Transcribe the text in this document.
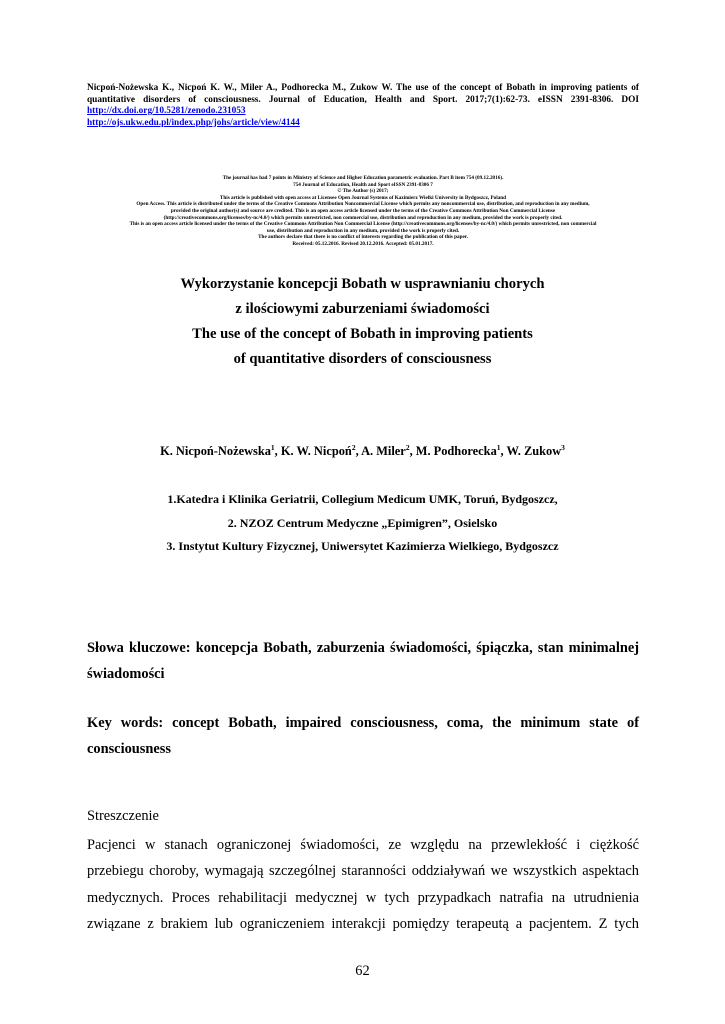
Nicpoń-Nożewska K., Nicpoń K. W., Miler A., Podhorecka M., Zukow W. The use of the concept of Bobath in improving patients of
quantitative disorders of consciousness. Journal of Education, Health and Sport. 2017;7(1):62-73. eISSN 2391-8306. DOI
http://dx.doi.org/10.5281/zenodo.231053
http://ojs.ukw.edu.pl/index.php/johs/article/view/4144
The journal has had 7 points in Ministry of Science and Higher Education parametric evaluation. Part B item 754 (09.12.2016).
754 Journal of Education, Health and Sport eISSN 2391-8306 7
© The Author (s) 2017;
This article is published with open access at Licensee Open Journal Systems of Kazimierz Wielki University in Bydgoszcz, Poland
Open Access. This article is distributed under the terms of the Creative Commons Attribution Noncommercial License which permits any noncommercial use, distribution, and reproduction in any medium,
provided the original author(s) and source are credited. This is an open access article licensed under the terms of the Creative Commons Attribution Non Commercial License
(http://creativecommons.org/licenses/by-nc/4.0/) which permits unrestricted, non commercial use, distribution and reproduction in any medium, provided the work is properly cited.
This is an open access article licensed under the terms of the Creative Commons Attribution Non Commercial License (http://creativecommons.org/licenses/by-nc/4.0/) which permits unrestricted, non commercial
use, distribution and reproduction in any medium, provided the work is properly cited.
The authors declare that there is no conflict of interests regarding the publication of this paper.
Received: 05.12.2016. Revised 20.12.2016. Accepted: 05.01.2017.
Wykorzystanie koncepcji Bobath w usprawnianiu chorych
z ilościowymi zaburzeniami świadomości
The use of the concept of Bobath in improving patients
of quantitative disorders of consciousness
K. Nicpoń-Nożewska$^1$, K. W. Nicpoń$^2$, A. Miler$^2$, M. Podhorecka$^1$, W. Zukow$^3$
1.Katedra i Klinika Geriatrii, Collegium Medicum UMK, Toruń, Bydgoszcz,
2. NZOZ Centrum Medyczne „Epimigren”, Osielsko
3. Instytut Kultury Fizycznej, Uniwersytet Kazimierza Wielkiego, Bydgoszcz
Słowa kluczowe: koncepcja Bobath, zaburzenia świadomości, śpiączka, stan minimalnej
świadomości
Key words: concept Bobath, impaired consciousness, coma, the minimum state of
consciousness
Streszczenie
Pacjenci w stanach ograniczonej świadomości, ze względu na przewlekłość i ciężkość
przebiegu choroby, wymagają szczególnej staranności oddziaływań we wszystkich aspektach
medycznych. Proces rehabilitacji medycznej w tych przypadkach natrafia na utrudnienia
związane z brakiem lub ograniczeniem interakcji pomiędzy terapeutą a pacjentem. Z tych
62
